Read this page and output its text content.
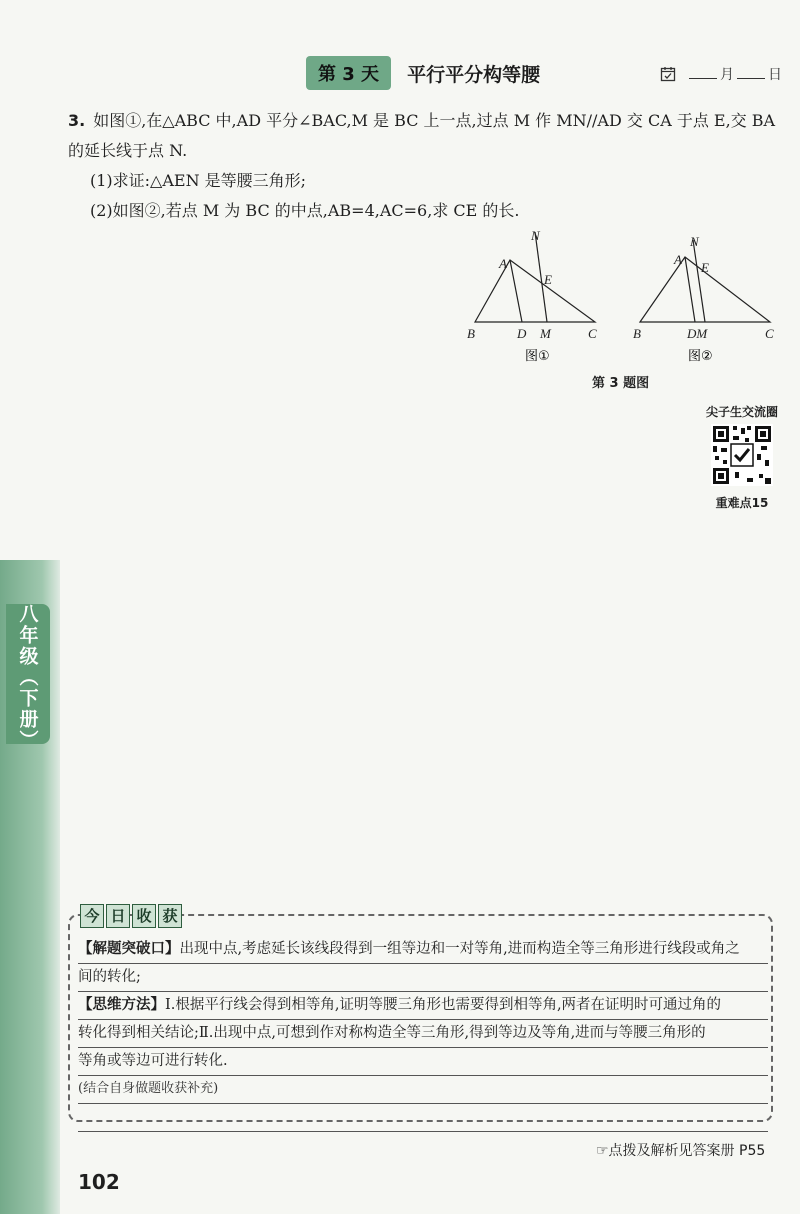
八年级（下册）
第 3 天	平行平分构等腰	月 日

3. 如图①,在△ABC 中,AD 平分∠BAC,M 是 BC 上一点,过点 M 作 MN//AD 交 CA 于点 E,交 BA

的延长线于点 N.

(1)求证:△AEN 是等腰三角形;

(2)如图②,若点 M 为 BC 的中点,AB=4,AC=6,求 CE 的长.

B
A
C
D M
N
E
B
A
C
DM
N
E
图①	图②
第 3 题图
尖子生交流圈
重难点15
今 日 收 获
【解题突破口】出现中点,考虑延长该线段得到一组等边和一对等角,进而构造全等三角形进行线段或角之
间的转化;
【思维方法】Ⅰ.根据平行线会得到相等角,证明等腰三角形也需要得到相等角,两者在证明时可通过角的
转化得到相关结论;Ⅱ.出现中点,可想到作对称构造全等三角形,得到等边及等角,进而与等腰三角形的
等角或等边可进行转化.
(结合自身做题收获补充)
☞点拨及解析见答案册 P55
102
